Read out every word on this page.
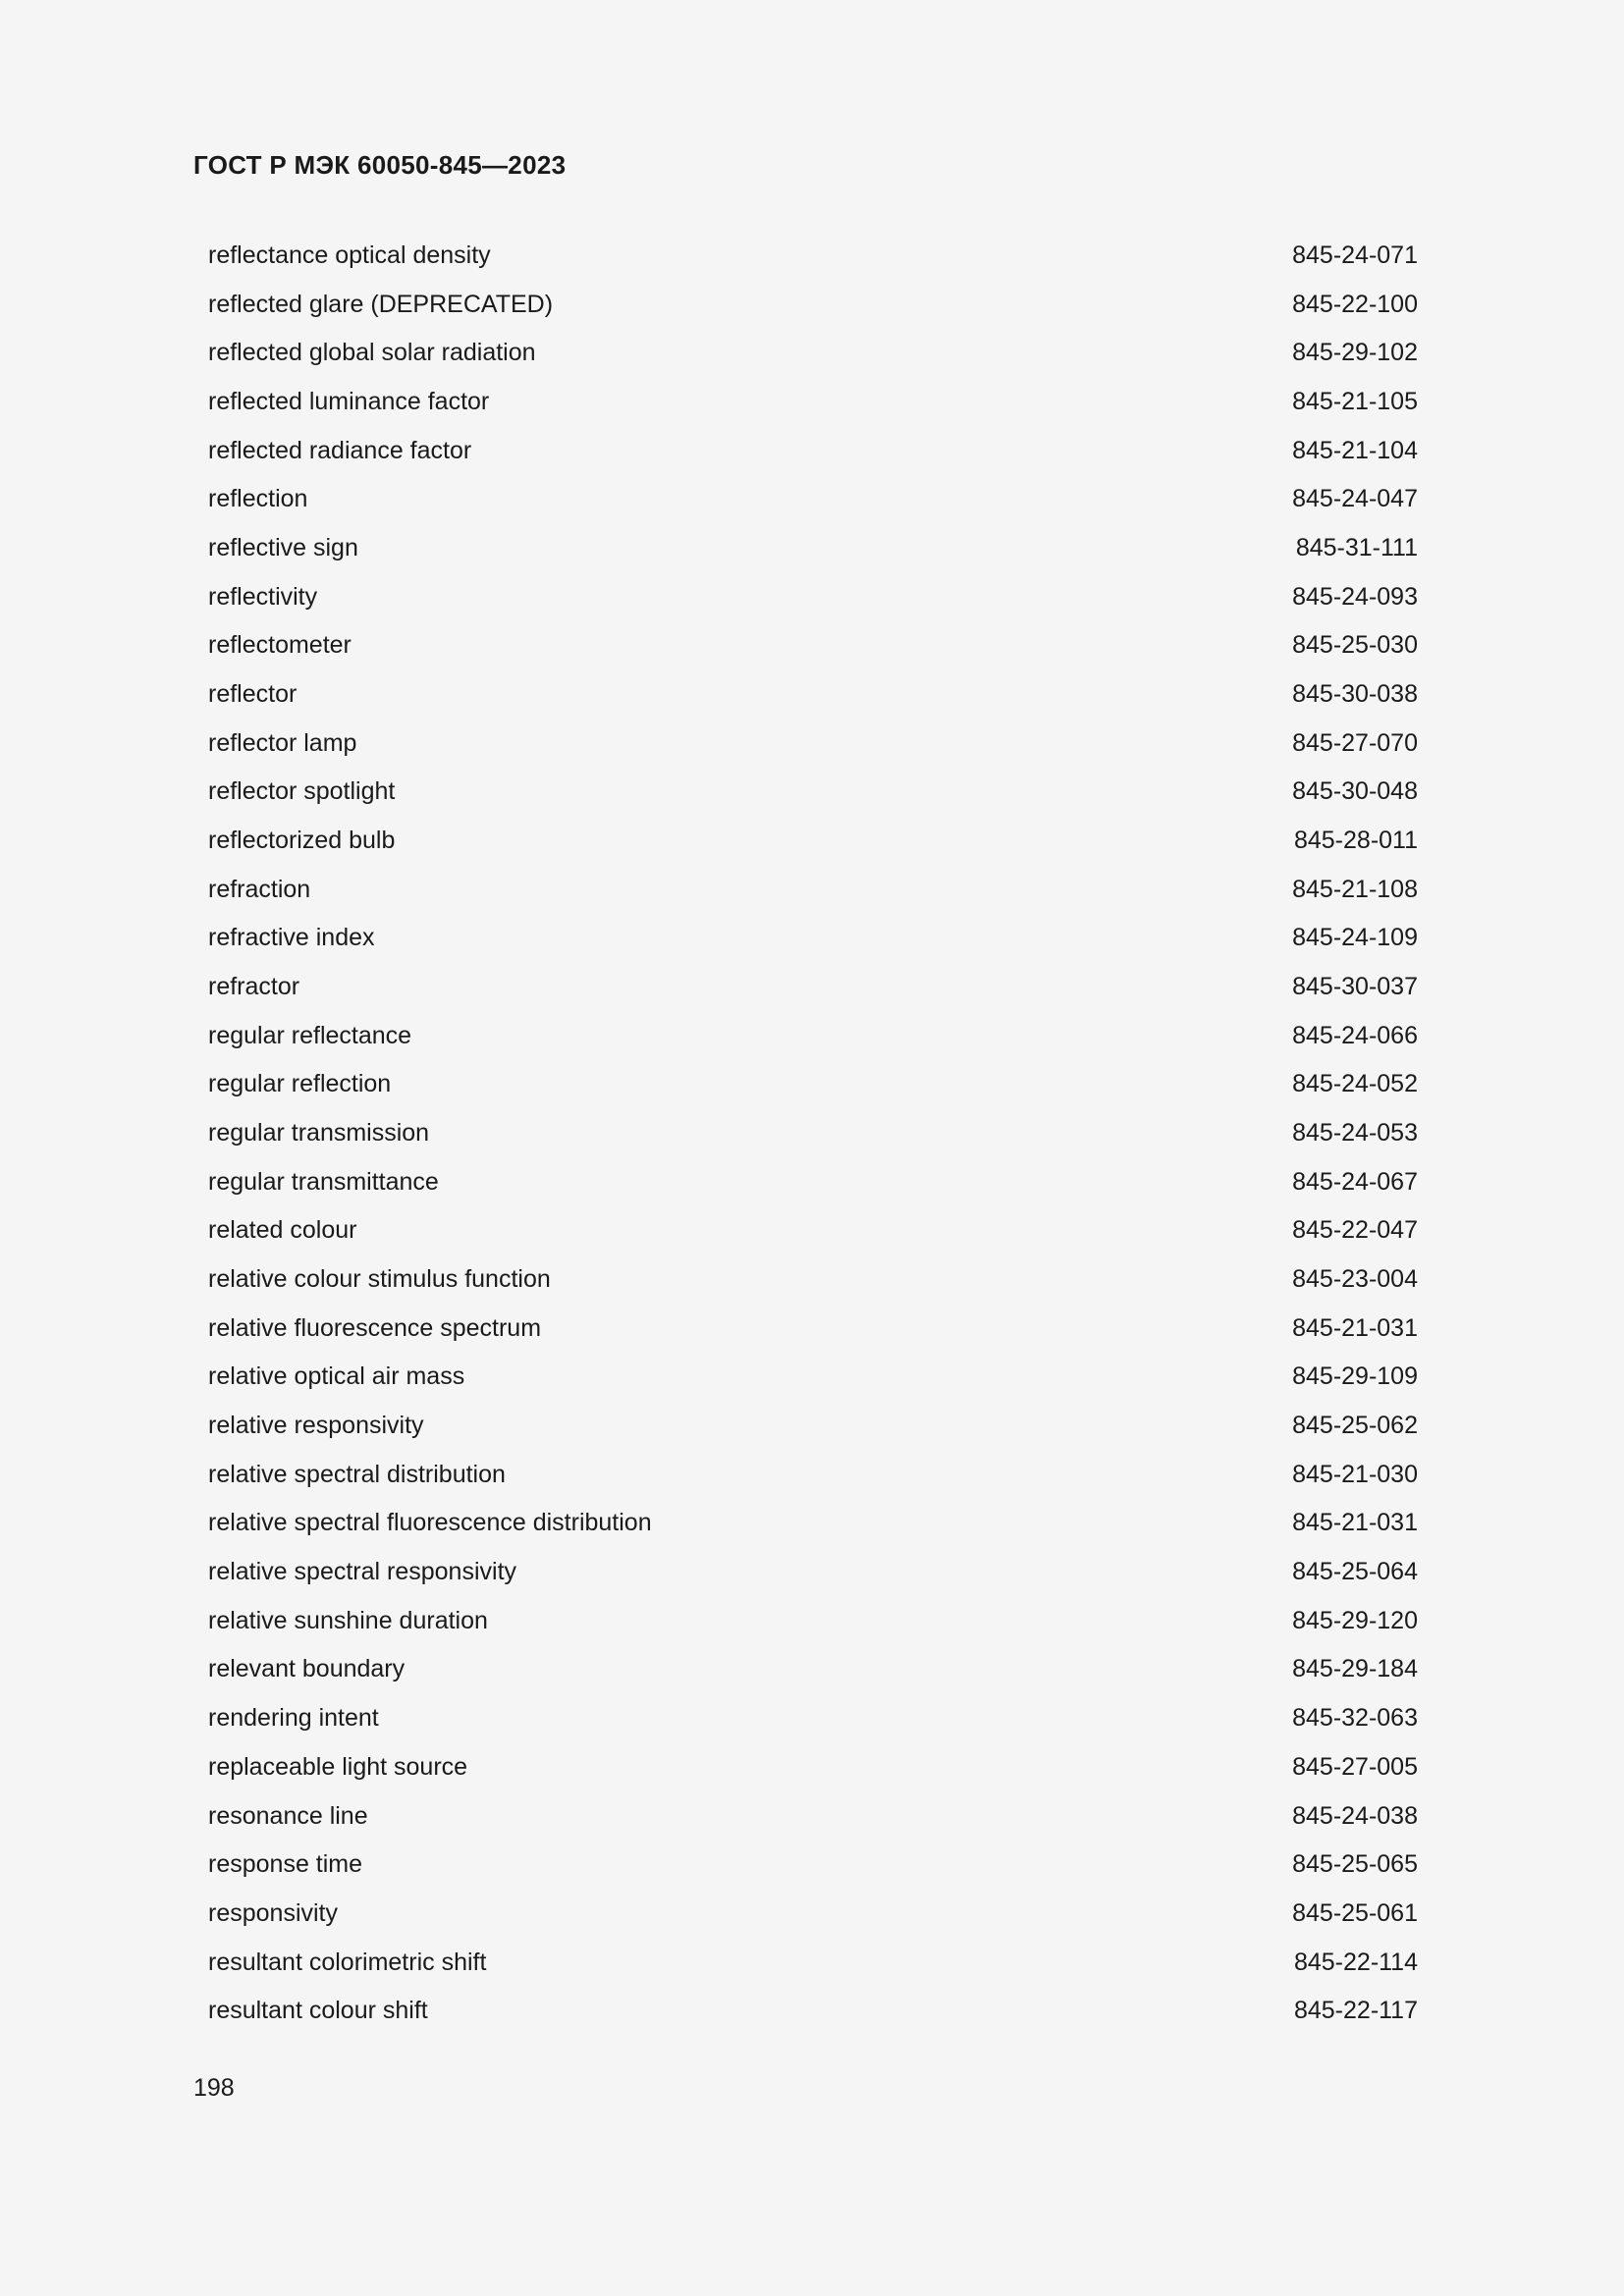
ГОСТ Р МЭК 60050-845—2023
reflectance optical density	845-24-071
reflected glare (DEPRECATED)	845-22-100
reflected global solar radiation	845-29-102
reflected luminance factor	845-21-105
reflected radiance factor	845-21-104
reflection	845-24-047
reflective sign	845-31-111
reflectivity	845-24-093
reflectometer	845-25-030
reflector	845-30-038
reflector lamp	845-27-070
reflector spotlight	845-30-048
reflectorized bulb	845-28-011
refraction	845-21-108
refractive index	845-24-109
refractor	845-30-037
regular reflectance	845-24-066
regular reflection	845-24-052
regular transmission	845-24-053
regular transmittance	845-24-067
related colour	845-22-047
relative colour stimulus function	845-23-004
relative fluorescence spectrum	845-21-031
relative optical air mass	845-29-109
relative responsivity	845-25-062
relative spectral distribution	845-21-030
relative spectral fluorescence distribution	845-21-031
relative spectral responsivity	845-25-064
relative sunshine duration	845-29-120
relevant boundary	845-29-184
rendering intent	845-32-063
replaceable light source	845-27-005
resonance line	845-24-038
response time	845-25-065
responsivity	845-25-061
resultant colorimetric shift	845-22-114
resultant colour shift	845-22-117
198
